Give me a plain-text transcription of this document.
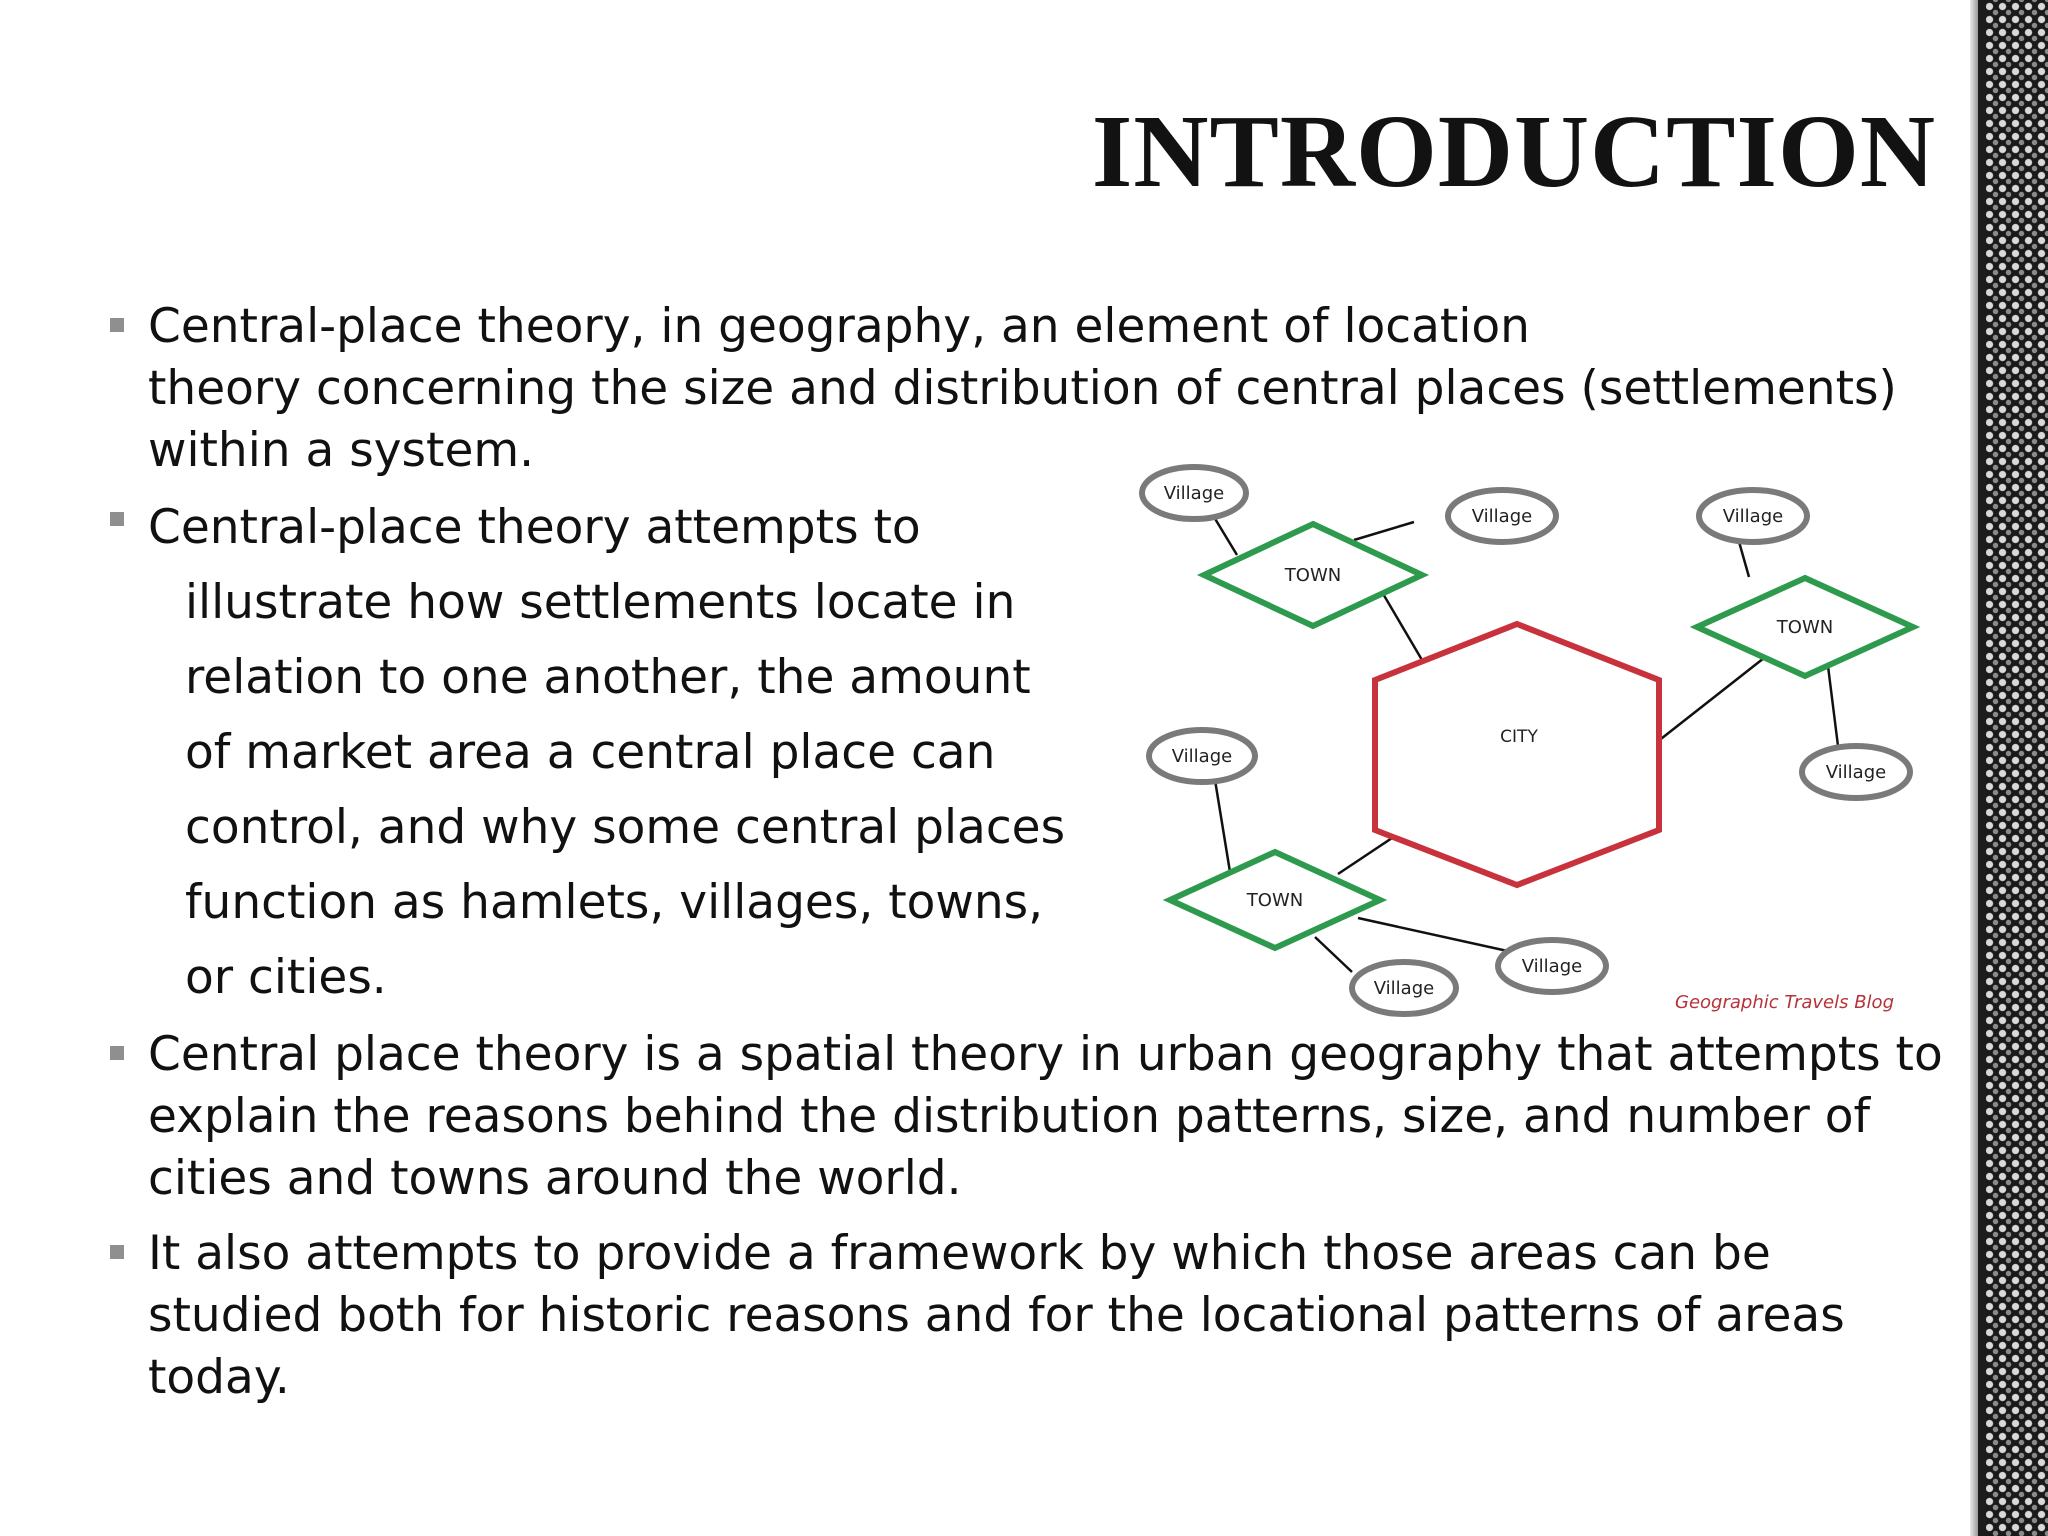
INTRODUCTION
Central-place theory, in geography, an element of location
theory concerning the size and distribution of central places (settlements)
within a system.
Central-place theory attempts to
illustrate how settlements locate in
relation to one another, the amount
of market area a central place can
control, and why some central places
function as hamlets, villages, towns,
or cities.
Central place theory is a spatial theory in urban geography that attempts to
explain the reasons behind the distribution patterns, size, and number of
cities and towns around the world.
It also attempts to provide a framework by which those areas can be
studied both for historic reasons and for the locational patterns of areas
today.
CITY
TOWN
TOWN
TOWN
Village
Village	Village
Village
Village
Village
Village
Geographic Travels Blog
